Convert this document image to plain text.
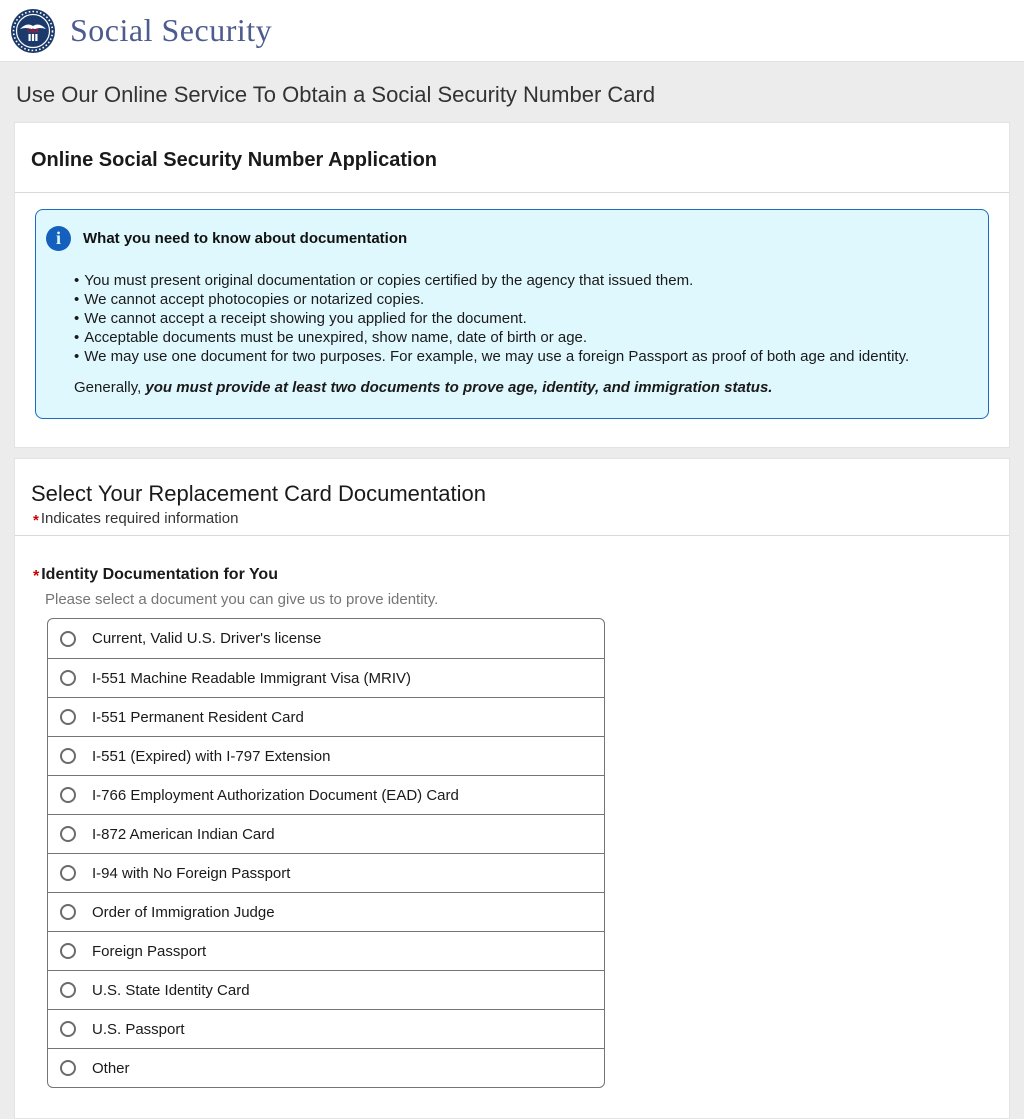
USA Social Security
Use Our Online Service To Obtain a Social Security Number Card
Online Social Security Number Application
i	What you need to know about documentation
• You must present original documentation or copies certified by the agency that issued them.
• We cannot accept photocopies or notarized copies.
• We cannot accept a receipt showing you applied for the document.
• Acceptable documents must be unexpired, show name, date of birth or age.
• We may use one document for two purposes. For example, we may use a foreign Passport as proof of both age and identity.

Generally, you must provide at least two documents to prove age, identity, and immigration status.

Select Your Replacement Card Documentation
* Indicates required information
* Identity Documentation for You
Please select a document you can give us to prove identity.
Current, Valid U.S. Driver's license
I-551 Machine Readable Immigrant Visa (MRIV)
I-551 Permanent Resident Card
I-551 (Expired) with I-797 Extension
I-766 Employment Authorization Document (EAD) Card
I-872 American Indian Card
I-94 with No Foreign Passport
Order of Immigration Judge
Foreign Passport
U.S. State Identity Card
U.S. Passport
Other
